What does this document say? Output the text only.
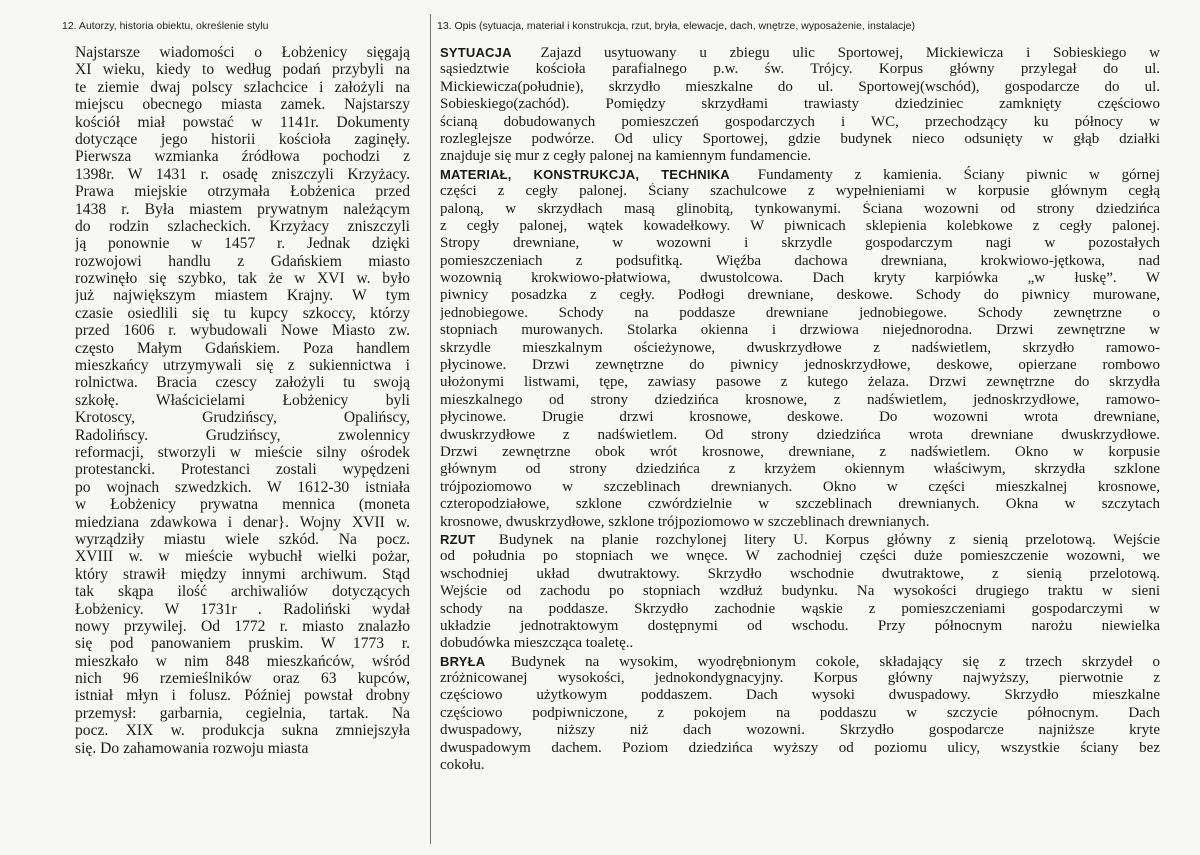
12. Autorzy, historia obiektu, określenie stylu
Najstarsze wiadomości o Łobżenicy sięgają
XI wieku, kiedy to według podań przybyli na
te ziemie dwaj polscy szlachcice i założyli na
miejscu obecnego miasta zamek. Najstarszy
kościół miał powstać w 1141r. Dokumenty
dotyczące jego historii kościoła zaginęły.
Pierwsza wzmianka źródłowa pochodzi z
1398r. W 1431 r. osadę zniszczyli Krzyżacy.
Prawa miejskie otrzymała Łobżenica przed
1438 r. Była miastem prywatnym należącym
do rodzin szlacheckich. Krzyżacy zniszczyli
ją ponownie w 1457 r. Jednak dzięki
rozwojowi handlu z Gdańskiem miasto
rozwinęło się szybko, tak że w XVI w. było
już największym miastem Krajny. W tym
czasie osiedlili się tu kupcy szkoccy, którzy
przed 1606 r. wybudowali Nowe Miasto zw.
często Małym Gdańskiem. Poza handlem
mieszkańcy utrzymywali się z sukiennictwa i
rolnictwa. Bracia czescy założyli tu swoją
szkołę. Właścicielami Łobżenicy byli
Krotoscy, Grudzińscy, Opalińscy,
Radolińscy. Grudzińscy, zwolennicy
reformacji, stworzyli w mieście silny ośrodek
protestancki. Protestanci zostali wypędzeni
po wojnach szwedzkich. W 1612-30 istniała
w Łobżenicy prywatna mennica (moneta
miedziana zdawkowa i denar}. Wojny XVII w.
wyrządziły miastu wiele szkód. Na pocz.
XVIII w. w mieście wybuchł wielki pożar,
który strawił między innymi archiwum. Stąd
tak skąpa ilość archiwaliów dotyczących
Łobżenicy. W 1731r . Radoliński wydał
nowy przywilej. Od 1772 r. miasto znalazło
się pod panowaniem pruskim. W 1773 r.
mieszkało w nim 848 mieszkańców, wśród
nich 96 rzemieślników oraz 63 kupców,
istniał młyn i folusz. Później powstał drobny
przemysł: garbarnia, cegielnia, tartak. Na
pocz. XIX w. produkcja sukna zmniejszyła
się. Do zahamowania rozwoju miasta
13. Opis (sytuacja, materiał i konstrukcja, rzut, bryła, elewacje, dach, wnętrze, wyposażenie, instalacje)
SYTUACJA Zajazd usytuowany u zbiegu ulic Sportowej, Mickiewicza i Sobieskiego w
sąsiedztwie kościoła parafialnego p.w. św. Trójcy. Korpus główny przylegał do ul.
Mickiewicza(południe), skrzydło mieszkalne do ul. Sportowej(wschód), gospodarcze do ul.
Sobieskiego(zachód). Pomiędzy skrzydłami trawiasty dziedziniec zamknięty częściowo
ścianą dobudowanych pomieszczeń gospodarczych i WC, przechodzący ku północy w
rozleglejsze podwórze. Od ulicy Sportowej, gdzie budynek nieco odsunięty w głąb działki
znajduje się mur z cegły palonej na kamiennym fundamencie.
MATERIAŁ, KONSTRUKCJA, TECHNIKA Fundamenty z kamienia. Ściany piwnic w górnej
części z cegły palonej. Ściany szachulcowe z wypełnieniami w korpusie głównym cegłą
paloną, w skrzydłach masą glinobitą, tynkowanymi. Ściana wozowni od strony dziedzińca
z cegły palonej, wątek kowadełkowy. W piwnicach sklepienia kolebkowe z cegły palonej.
Stropy drewniane, w wozowni i skrzydle gospodarczym nagi w pozostałych
pomieszczeniach z podsufitką. Więźba dachowa drewniana, krokwiowo-jętkowa, nad
wozownią krokwiowo-płatwiowa, dwustolcowa. Dach kryty karpiówka „w łuskę”. W
piwnicy posadzka z cegły. Podłogi drewniane, deskowe. Schody do piwnicy murowane,
jednobiegowe. Schody na poddasze drewniane jednobiegowe. Schody zewnętrzne o
stopniach murowanych. Stolarka okienna i drzwiowa niejednorodna. Drzwi zewnętrzne w
skrzydle mieszkalnym ościeżynowe, dwuskrzydłowe z nadświetlem, skrzydło ramowo-
płycinowe. Drzwi zewnętrzne do piwnicy jednoskrzydłowe, deskowe, opierzane rombowo
ułożonymi listwami, tępe, zawiasy pasowe z kutego żelaza. Drzwi zewnętrzne do skrzydła
mieszkalnego od strony dziedzińca krosnowe, z nadświetlem, jednoskrzydłowe, ramowo-
płycinowe. Drugie drzwi krosnowe, deskowe. Do wozowni wrota drewniane,
dwuskrzydłowe z nadświetlem. Od strony dziedzińca wrota drewniane dwuskrzydłowe.
Drzwi zewnętrzne obok wrót krosnowe, drewniane, z nadświetlem. Okno w korpusie
głównym od strony dziedzińca z krzyżem okiennym właściwym, skrzydła szklone
trójpoziomowo w szczeblinach drewnianych. Okno w części mieszkalnej krosnowe,
czteropodziałowe, szklone czwórdzielnie w szczeblinach drewnianych. Okna w szczytach
krosnowe, dwuskrzydłowe, szklone trójpoziomowo w szczeblinach drewnianych.
RZUT Budynek na planie rozchylonej litery U. Korpus główny z sienią przelotową. Wejście
od południa po stopniach we wnęce. W zachodniej części duże pomieszczenie wozowni, we
wschodniej układ dwutraktowy. Skrzydło wschodnie dwutraktowe, z sienią przelotową.
Wejście od zachodu po stopniach wzdłuż budynku. Na wysokości drugiego traktu w sieni
schody na poddasze. Skrzydło zachodnie wąskie z pomieszczeniami gospodarczymi w
układzie jednotraktowym dostępnymi od wschodu. Przy północnym narożu niewielka
dobudówka mieszcząca toaletę..
BRYŁA Budynek na wysokim, wyodrębnionym cokole, składający się z trzech skrzydeł o
zróżnicowanej wysokości, jednokondygnacyjny. Korpus główny najwyższy, pierwotnie z
częściowo użytkowym poddaszem. Dach wysoki dwuspadowy. Skrzydło mieszkalne
częściowo podpiwniczone, z pokojem na poddaszu w szczycie północnym. Dach
dwuspadowy, niższy niż dach wozowni. Skrzydło gospodarcze najniższe kryte
dwuspadowym dachem. Poziom dziedzińca wyższy od poziomu ulicy, wszystkie ściany bez
cokołu.
